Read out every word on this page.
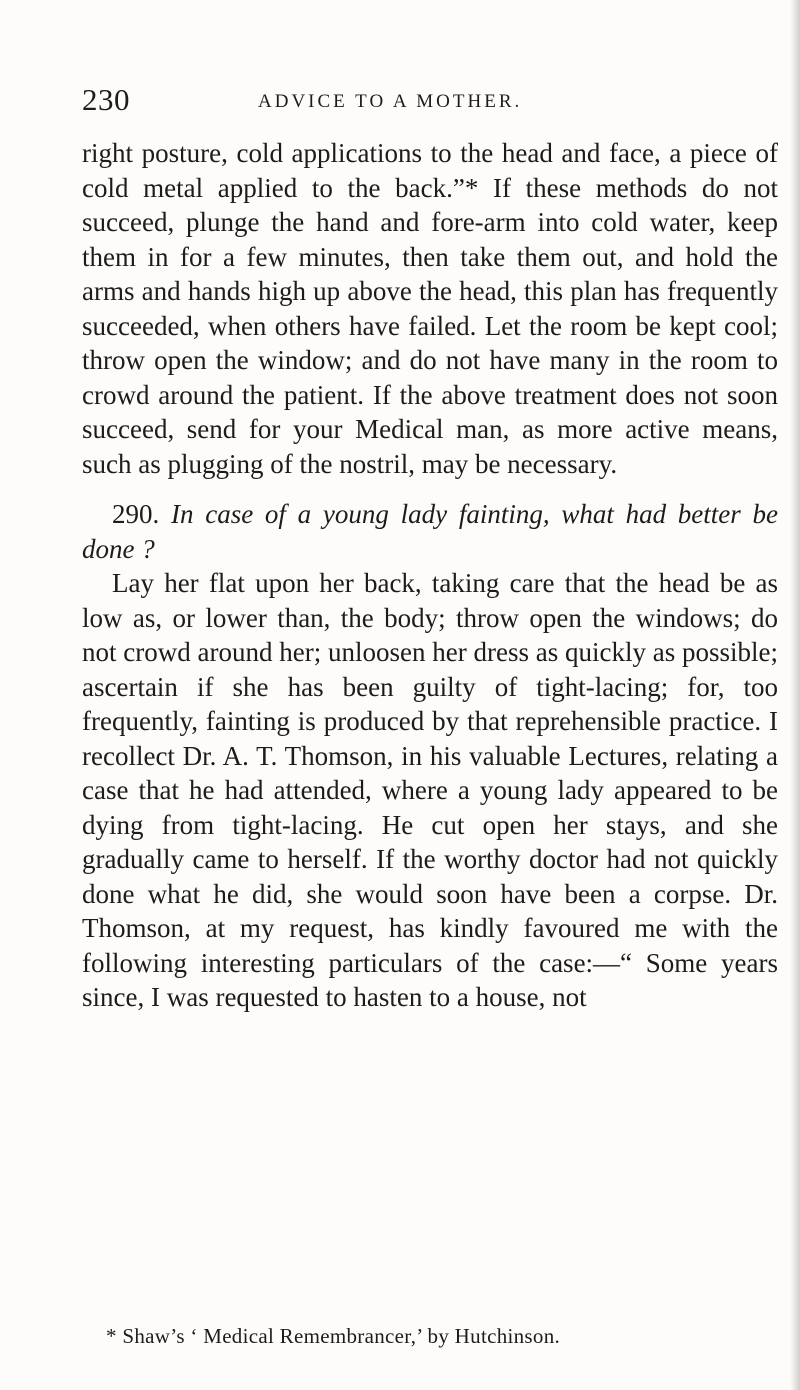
230	ADVICE TO A MOTHER.

right posture, cold applications to the head and face, a piece of cold metal applied to the back.”* If these methods do not succeed, plunge the hand and fore-arm into cold water, keep them in for a few minutes, then take them out, and hold the arms and hands high up above the head, this plan has frequently succeeded, when others have failed. Let the room be kept cool; throw open the window; and do not have many in the room to crowd around the patient. If the above treatment does not soon succeed, send for your Medical man, as more active means, such as plugging of the nostril, may be necessary.

290. In case of a young lady fainting, what had better be done ?

Lay her flat upon her back, taking care that the head be as low as, or lower than, the body; throw open the windows; do not crowd around her; unloosen her dress as quickly as possible; ascertain if she has been guilty of tight-lacing; for, too frequently, fainting is produced by that reprehensible practice. I recollect Dr. A. T. Thomson, in his valuable Lectures, relating a case that he had attended, where a young lady appeared to be dying from tight-lacing. He cut open her stays, and she gradually came to herself. If the worthy doctor had not quickly done what he did, she would soon have been a corpse. Dr. Thomson, at my request, has kindly favoured me with the following interesting particulars of the case:—“ Some years since, I was requested to hasten to a house, not

* Shaw’s ‘ Medical Remembrancer,’ by Hutchinson.
